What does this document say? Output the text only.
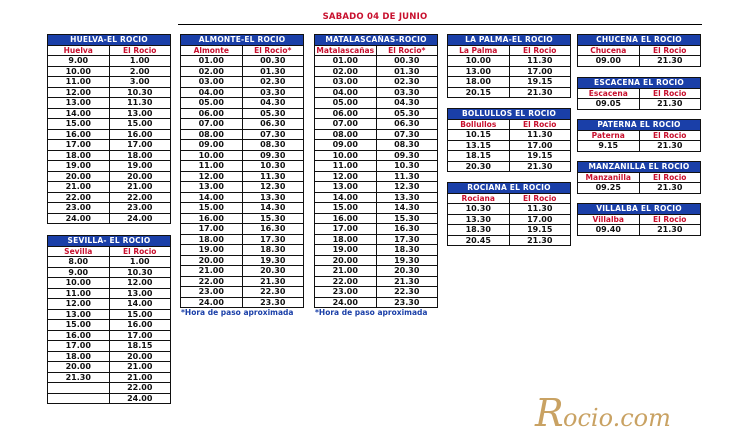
SABADO 04 DE JUNIO
HUELVA-EL ROCIO	
Huelva	El Rocio
9.00	1.00
10.00	2.00
11.00	3.00
12.00	10.30
13.00	11.30
14.00	13.00
15.00	15.00
16.00	16.00
17.00	17.00
18.00	18.00
19.00	19.00
20.00	20.00
21.00	21.00
22.00	22.00
23.00	23.00
24.00	24.00
SEVILLA- EL ROCIO	
Sevilla	El Rocio
8.00	1.00
9.00	10.30
10.00	12.00
11.00	13.00
12.00	14.00
13.00	15.00
15.00	16.00
16.00	17.00
17.00	18.15
18.00	20.00
20.00	21.00
21.30	21.00
	22.00
	24.00
ALMONTE-EL ROCIO	
Almonte	El Rocio*
01.00	00.30
02.00	01.30
03.00	02.30
04.00	03.30
05.00	04.30
06.00	05.30
07.00	06.30
08.00	07.30
09.00	08.30
10.00	09.30
11.00	10.30
12.00	11.30
13.00	12.30
14.00	13.30
15.00	14.30
16.00	15.30
17.00	16.30
18.00	17.30
19.00	18.30
20.00	19.30
21.00	20.30
22.00	21.30
23.00	22.30
24.00	23.30
MATALASCAÑAS-ROCIO	
Matalascañas	El Rocio*
01.00	00.30
02.00	01.30
03.00	02.30
04.00	03.30
05.00	04.30
06.00	05.30
07.00	06.30
08.00	07.30
09.00	08.30
10.00	09.30
11.00	10.30
12.00	11.30
13.00	12.30
14.00	13.30
15.00	14.30
16.00	15.30
17.00	16.30
18.00	17.30
19.00	18.30
20.00	19.30
21.00	20.30
22.00	21.30
23.00	22.30
24.00	23.30
LA PALMA-EL ROCIO	
La Palma	El Rocio
10.00	11.30
13.00	17.00
18.00	19.15
20.15	21.30
BOLLULLOS EL ROCIO	
Bollullos	El Rocio
10.15	11.30
13.15	17.00
18.15	19.15
20.30	21.30
ROCIANA EL ROCIO	
Rociana	El Rocio
10.30	11.30
13.30	17.00
18.30	19.15
20.45	21.30
CHUCENA EL ROCIO	
Chucena	El Rocio
09.00	21.30
ESCACENA EL ROCIO	
Escacena	El Rocio
09.05	21.30
PATERNA EL ROCIO	
Paterna	El Rocio
9.15	21.30
MANZANILLA EL ROCIO	
Manzanilla	El Rocio
09.25	21.30
VILLALBA EL ROCIO	
Villalba	El Rocio
09.40	21.30
*Hora de paso aproximada	*Hora de paso aproximada
R ocio.com
